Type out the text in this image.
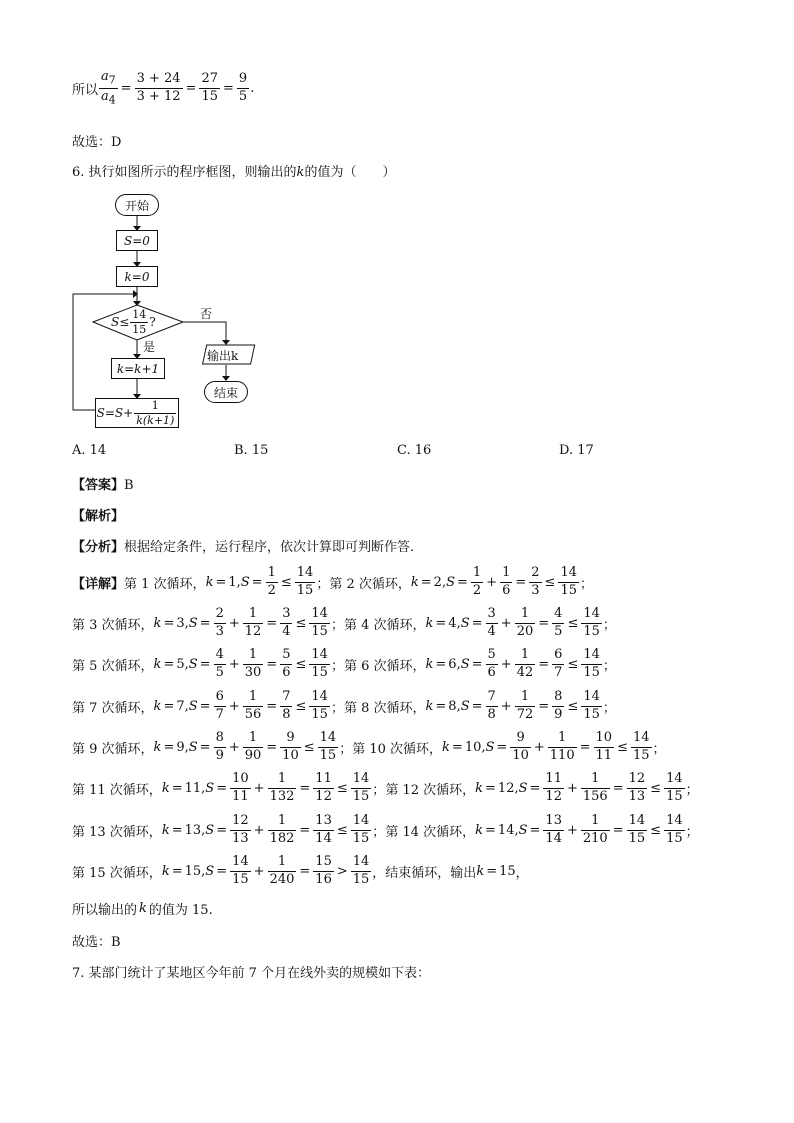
所以 $\frac{a_7}{a_4} = \frac{3 + 24}{3 + 12} = \frac{27}{15} = \frac{9}{5}$ .
故选：D
6. 执行如图所示的程序框图，则输出的k的值为（　　）
开始
S=0
k=0
$S\le \frac{14}{15}$ ?
否
是
输出k
结束
k=k+1
$S=S+ \frac{1}{k(k+1)}$
A. 14	B. 15	C. 16	D. 17
【答案】B
【解析】
【分析】根据给定条件，运行程序，依次计算即可判断作答.
【详解】 第 1 次循环， k = 1, $S = \frac{1}{2} \le \frac{14}{15}$ ； 第 2 次循环， k = 2, $S = \frac{1}{2} + \frac{1}{6} = \frac{2}{3} \le \frac{14}{15}$ ；
第 3 次循环， k = 3, $S = \frac{2}{3} + \frac{1}{12} = \frac{3}{4} \le \frac{14}{15}$ ； 第 4 次循环， k = 4, $S = \frac{3}{4} + \frac{1}{20} = \frac{4}{5} \le \frac{14}{15}$ ；
第 5 次循环， k = 5, $S = \frac{4}{5} + \frac{1}{30} = \frac{5}{6} \le \frac{14}{15}$ ； 第 6 次循环， k = 6, $S = \frac{5}{6} + \frac{1}{42} = \frac{6}{7} \le \frac{14}{15}$ ；
第 7 次循环， k = 7, $S = \frac{6}{7} + \frac{1}{56} = \frac{7}{8} \le \frac{14}{15}$ ； 第 8 次循环， k = 8, $S = \frac{7}{8} + \frac{1}{72} = \frac{8}{9} \le \frac{14}{15}$ ；
第 9 次循环， k = 9, $S = \frac{8}{9} + \frac{1}{90} = \frac{9}{10} \le \frac{14}{15}$ ； 第 10 次循环， k = 10, $S = \frac{9}{10} + \frac{1}{110} = \frac{10}{11} \le \frac{14}{15}$ ；
第 11 次循环， k = 11, $S = \frac{10}{11} + \frac{1}{132} = \frac{11}{12} \le \frac{14}{15}$ ； 第 12 次循环， k = 12, $S = \frac{11}{12} + \frac{1}{156} = \frac{12}{13} \le \frac{14}{15}$ ；
第 13 次循环， k = 13, $S = \frac{12}{13} + \frac{1}{182} = \frac{13}{14} \le \frac{14}{15}$ ； 第 14 次循环， k = 14, $S = \frac{13}{14} + \frac{1}{210} = \frac{14}{15} \le \frac{14}{15}$ ；
第 15 次循环， k = 15, $S = \frac{14}{15} + \frac{1}{240} = \frac{15}{16} > \frac{14}{15}$ ，结束循环，输出 k = 15 ，
所以输出的 k 的值为 15.
故选：B
7. 某部门统计了某地区今年前 7 个月在线外卖的规模如下表：
